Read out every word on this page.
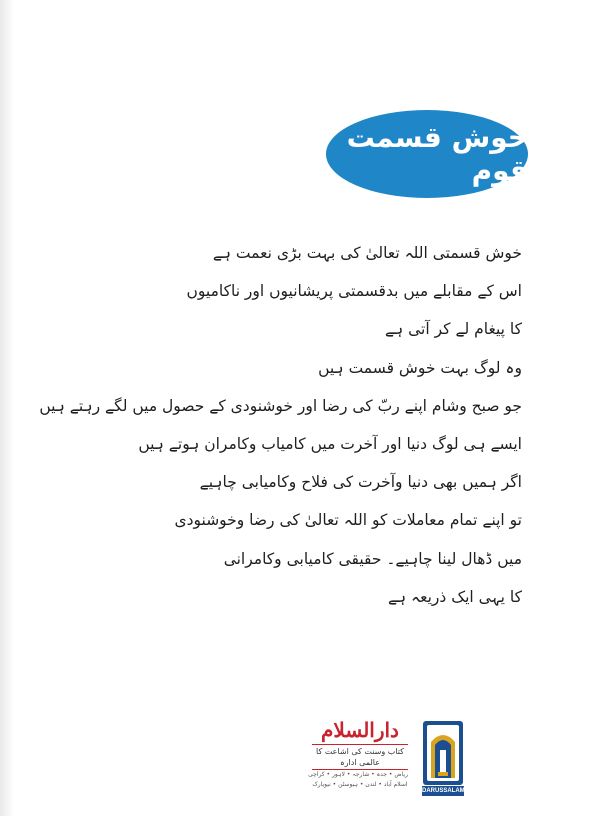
خوش قسمت قوم
خوش قسمتی اللہ تعالیٰ کی بہت بڑی نعمت ہے
اس کے مقابلے میں بدقسمتی پریشانیوں اور ناکامیوں
کا پیغام لے کر آتی ہے
وہ لوگ بہت خوش قسمت ہیں
جو صبح وشام اپنے ربّ کی رضا اور خوشنودی کے حصول میں لگے رہتے ہیں
ایسے ہی لوگ دنیا اور آخرت میں کامیاب وکامران ہوتے ہیں
اگر ہمیں بھی دنیا وآخرت کی فلاح وکامیابی چاہیے
تو اپنے تمام معاملات کو اللہ تعالیٰ کی رضا وخوشنودی
میں ڈھال لینا چاہیے۔ حقیقی کامیابی وکامرانی
کا یہی ایک ذریعہ ہے
دارالسلام
کتاب وسنت کی اشاعت کا عالمی ادارہ
ریاض • جدہ • شارجہ • لاہور • کراچی
اسلام آباد • لندن • ہیوسٹن • نیویارک
DARUSSALAM
